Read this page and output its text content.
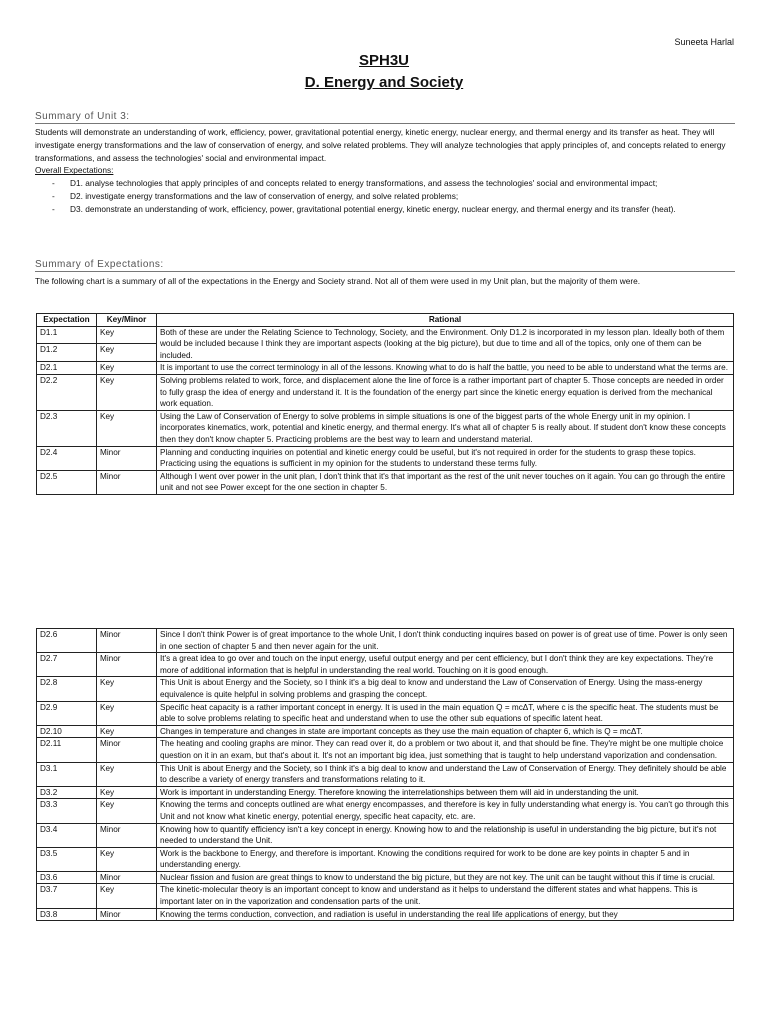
Suneeta Harlal
SPH3U
D. Energy and Society
Summary of Unit 3:
Students will demonstrate an understanding of work, efficiency, power, gravitational potential energy, kinetic energy, nuclear energy, and thermal energy and its transfer as heat. They will investigate energy transformations and the law of conservation of energy, and solve related problems. They will analyze technologies that apply principles of, and concepts related to energy transformations, and assess the technologies' social and environmental impact.
Overall Expectations:
- D1. analyse technologies that apply principles of and concepts related to energy transformations, and assess the technologies' social and environmental impact;
- D2. investigate energy transformations and the law of conservation of energy, and solve related problems;
- D3. demonstrate an understanding of work, efficiency, power, gravitational potential energy, kinetic energy, nuclear energy, and thermal energy and its transfer (heat).
Summary of Expectations:
The following chart is a summary of all of the expectations in the Energy and Society strand. Not all of them were used in my Unit plan, but the majority of them were.
Expectation	Key/Minor	Rational
D1.1	Key	Both of these are under the Relating Science to Technology, Society, and the Environment. Only D1.2 is incorporated in my lesson plan. Ideally both of them would be included because I think they are important aspects (looking at the big picture), but due to time and all of the topics, only one of them can be included.
D1.2	Key	
D2.1	Key	It is important to use the correct terminology in all of the lessons. Knowing what to do is half the battle, you need to be able to understand what the terms are.
D2.2	Key	Solving problems related to work, force, and displacement alone the line of force is a rather important part of chapter 5. Those concepts are needed in order to fully grasp the idea of energy and understand it. It is the foundation of the energy part since the kinetic energy equation is derived from the mechanical work equation.
D2.3	Key	Using the Law of Conservation of Energy to solve problems in simple situations is one of the biggest parts of the whole Energy unit in my opinion. I incorporates kinematics, work, potential and kinetic energy, and thermal energy. It's what all of chapter 5 is really about. If student don't know these concepts then they don't know chapter 5. Practicing problems are the best way to learn and understand material.
D2.4	Minor	Planning and conducting inquiries on potential and kinetic energy could be useful, but it's not required in order for the students to grasp these topics. Practicing using the equations is sufficient in my opinion for the students to understand these terms fully.
D2.5	Minor	Although I went over power in the unit plan, I don't think that it's that important as the rest of the unit never touches on it again. You can go through the entire unit and not see Power except for the one section in chapter 5.
D2.6	Minor	Since I don't think Power is of great importance to the whole Unit, I don't think conducting inquires based on power is of great use of time. Power is only seen in one section of chapter 5 and then never again for the unit.
D2.7	Minor	It's a great idea to go over and touch on the input energy, useful output energy and per cent efficiency, but I don't think they are key expectations. They're more of additional information that is helpful in understanding the real world. Touching on it is good enough.
D2.8	Key	This Unit is about Energy and the Society, so I think it's a big deal to know and understand the Law of Conservation of Energy. Using the mass-energy equivalence is quite helpful in solving problems and grasping the concept.
D2.9	Key	Specific heat capacity is a rather important concept in energy. It is used in the main equation Q = mcΔT, where c is the specific heat. The students must be able to solve problems relating to specific heat and understand when to use the other sub equations of specific latent heat.
D2.10	Key	Changes in temperature and changes in state are important concepts as they use the main equation of chapter 6, which is Q = mcΔT.
D2.11	Minor	The heating and cooling graphs are minor. They can read over it, do a problem or two about it, and that should be fine. They're might be one multiple choice question on it in an exam, but that's about it. It's not an important big idea, just something that is taught to help understand vaporization and condensation.
D3.1	Key	This Unit is about Energy and the Society, so I think it's a big deal to know and understand the Law of Conservation of Energy. They definitely should be able to describe a variety of energy transfers and transformations relating to it.
D3.2	Key	Work is important in understanding Energy. Therefore knowing the interrelationships between them will aid in understanding the unit.
D3.3	Key	Knowing the terms and concepts outlined are what energy encompasses, and therefore is key in fully understanding what energy is. You can't go through this Unit and not know what kinetic energy, potential energy, specific heat capacity, etc. are.
D3.4	Minor	Knowing how to quantify efficiency isn't a key concept in energy. Knowing how to and the relationship is useful in understanding the big picture, but it's not needed to understand the Unit.
D3.5	Key	Work is the backbone to Energy, and therefore is important. Knowing the conditions required for work to be done are key points in chapter 5 and in understanding energy.
D3.6	Minor	Nuclear fission and fusion are great things to know to understand the big picture, but they are not key. The unit can be taught without this if time is crucial.
D3.7	Key	The kinetic-molecular theory is an important concept to know and understand as it helps to understand the different states and what happens. This is important later on in the vaporization and condensation parts of the unit.
D3.8	Minor	Knowing the terms conduction, convection, and radiation is useful in understanding the real life applications of energy, but they
